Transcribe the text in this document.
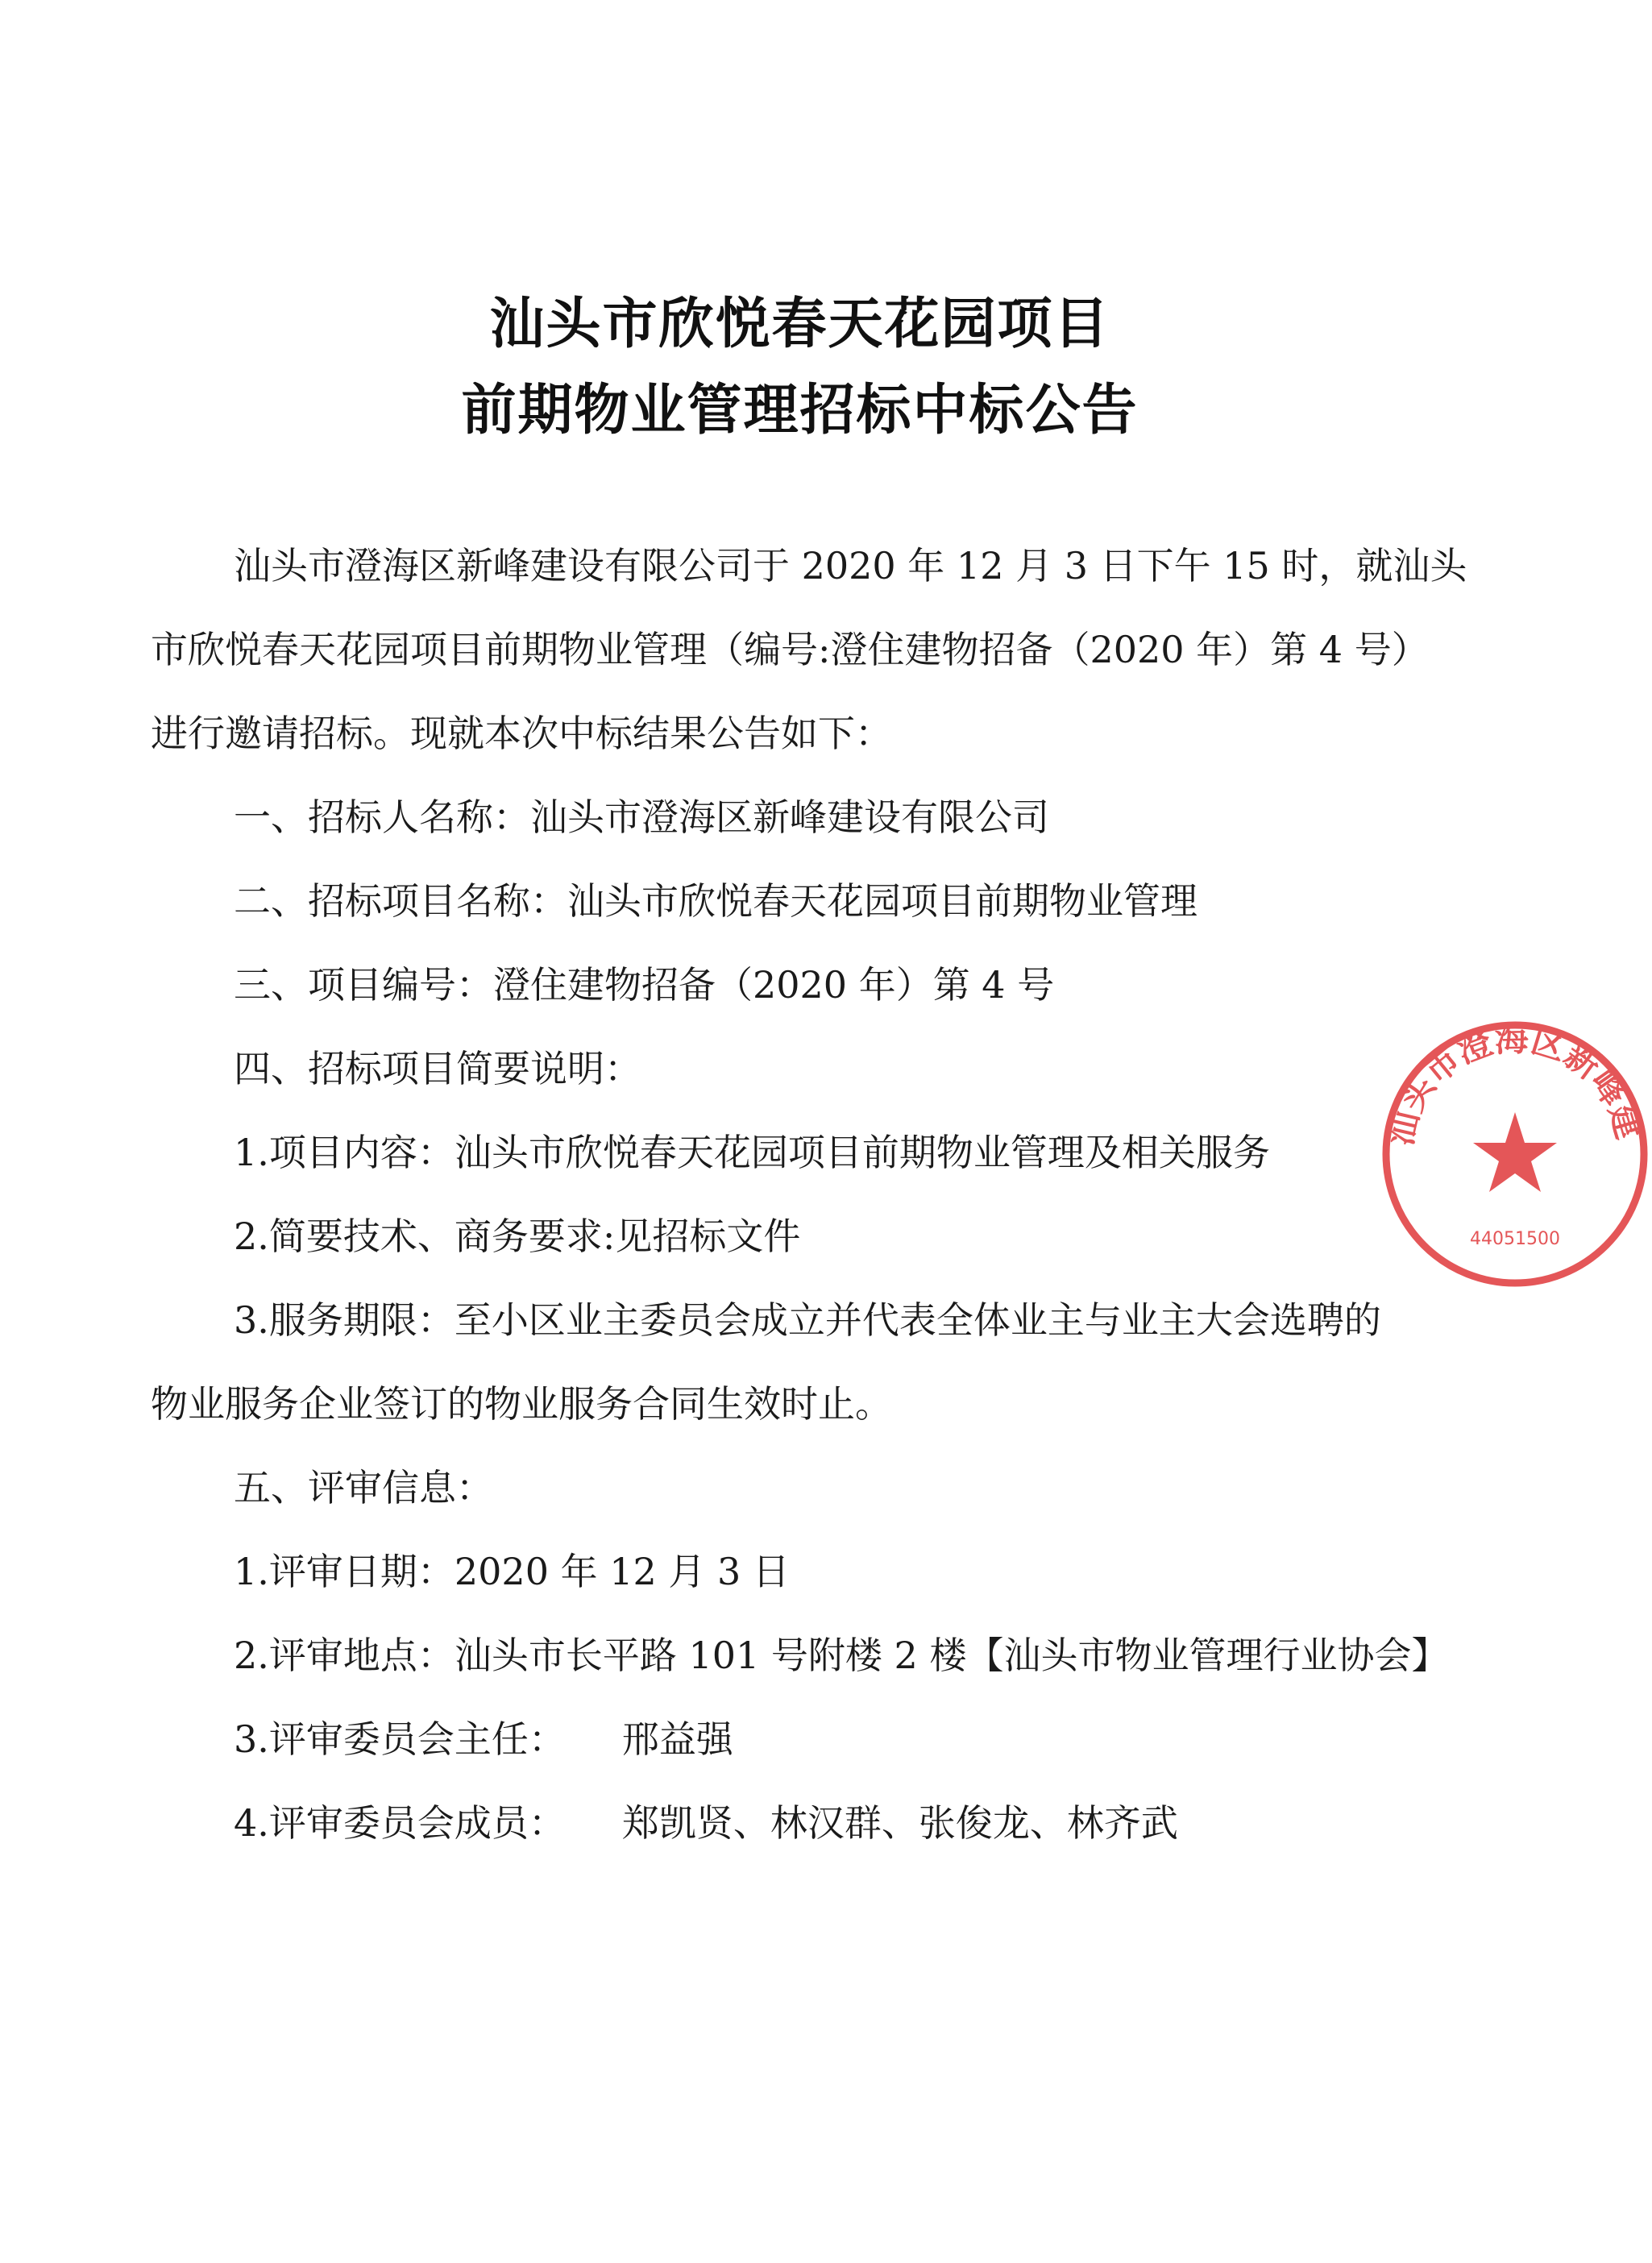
汕头市欣悦春天花园项目
前期物业管理招标中标公告
汕头市澄海区新峰建设有限公司于 2020 年 12 月 3 日下午 15 时，就汕头
市欣悦春天花园项目前期物业管理（编号:澄住建物招备（2020 年）第 4 号）
进行邀请招标。现就本次中标结果公告如下：
一、招标人名称：汕头市澄海区新峰建设有限公司
二、招标项目名称：汕头市欣悦春天花园项目前期物业管理
三、项目编号：澄住建物招备（2020 年）第 4 号
四、招标项目简要说明：
1.项目内容：汕头市欣悦春天花园项目前期物业管理及相关服务
2.简要技术、商务要求:见招标文件
3.服务期限：至小区业主委员会成立并代表全体业主与业主大会选聘的
物业服务企业签订的物业服务合同生效时止。
五、评审信息：
1.评审日期：2020 年 12 月 3 日
2.评审地点：汕头市长平路 101 号附楼 2 楼【汕头市物业管理行业协会】
3.评审委员会主任： 邢益强
4.评审委员会成员： 郑凯贤、林汉群、张俊龙、林齐武
汕头市澄海区新峰建
44051500
